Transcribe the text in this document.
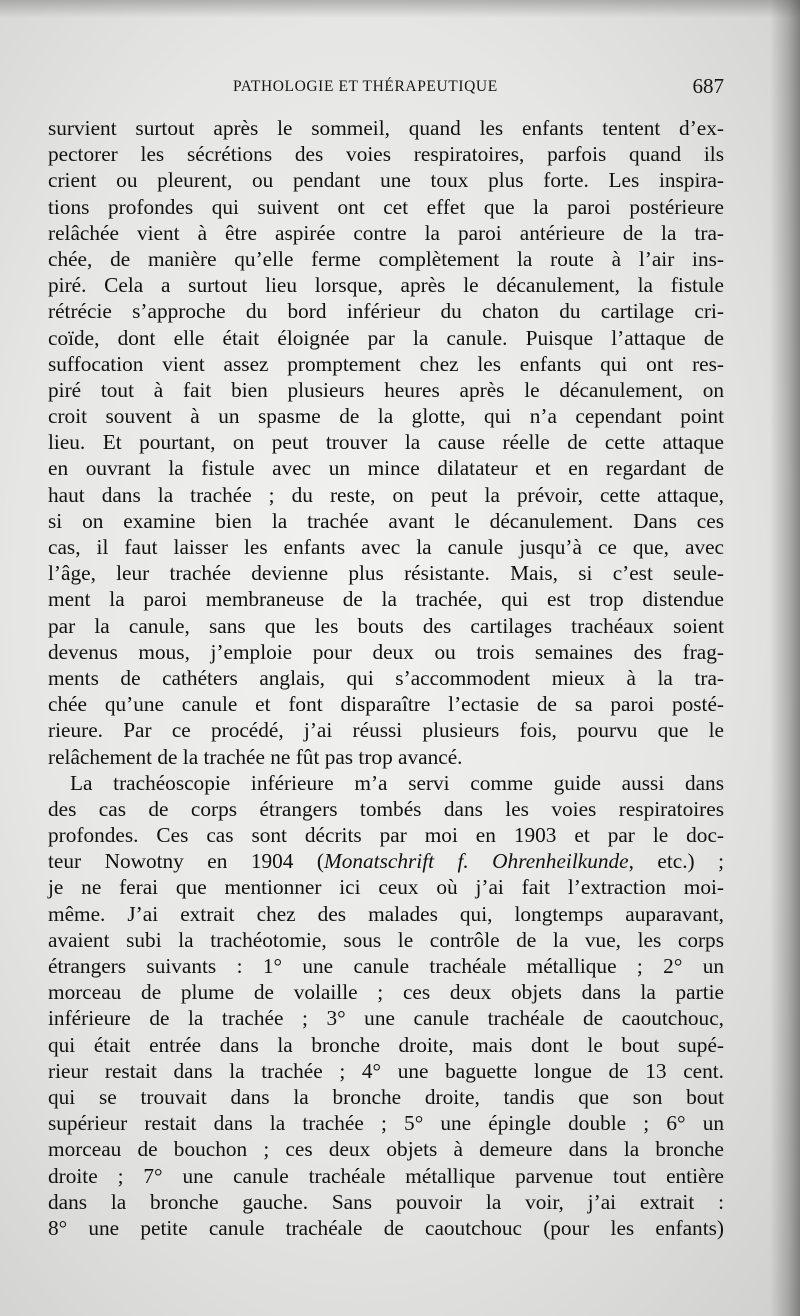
PATHOLOGIE ET THÉRAPEUTIQUE	687
survient surtout après le sommeil, quand les enfants tentent d’ex-
pectorer les sécrétions des voies respiratoires, parfois quand ils
crient ou pleurent, ou pendant une toux plus forte. Les inspira-
tions profondes qui suivent ont cet effet que la paroi postérieure
relâchée vient à être aspirée contre la paroi antérieure de la tra-
chée, de manière qu’elle ferme complètement la route à l’air ins-
piré. Cela a surtout lieu lorsque, après le décanulement, la fistule
rétrécie s’approche du bord inférieur du chaton du cartilage cri-
coïde, dont elle était éloignée par la canule. Puisque l’attaque de
suffocation vient assez promptement chez les enfants qui ont res-
piré tout à fait bien plusieurs heures après le décanulement, on
croit souvent à un spasme de la glotte, qui n’a cependant point
lieu. Et pourtant, on peut trouver la cause réelle de cette attaque
en ouvrant la fistule avec un mince dilatateur et en regardant de
haut dans la trachée ; du reste, on peut la prévoir, cette attaque,
si on examine bien la trachée avant le décanulement. Dans ces
cas, il faut laisser les enfants avec la canule jusqu’à ce que, avec
l’âge, leur trachée devienne plus résistante. Mais, si c’est seule-
ment la paroi membraneuse de la trachée, qui est trop distendue
par la canule, sans que les bouts des cartilages trachéaux soient
devenus mous, j’emploie pour deux ou trois semaines des frag-
ments de cathéters anglais, qui s’accommodent mieux à la tra-
chée qu’une canule et font disparaître l’ectasie de sa paroi posté-
rieure. Par ce procédé, j’ai réussi plusieurs fois, pourvu que le
relâchement de la trachée ne fût pas trop avancé.
La trachéoscopie inférieure m’a servi comme guide aussi dans
des cas de corps étrangers tombés dans les voies respiratoires
profondes. Ces cas sont décrits par moi en 1903 et par le doc-
teur Nowotny en 1904 (Monatschrift f. Ohrenheilkunde, etc.) ;
je ne ferai que mentionner ici ceux où j’ai fait l’extraction moi-
même. J’ai extrait chez des malades qui, longtemps auparavant,
avaient subi la trachéotomie, sous le contrôle de la vue, les corps
étrangers suivants : 1° une canule trachéale métallique ; 2° un
morceau de plume de volaille ; ces deux objets dans la partie
inférieure de la trachée ; 3° une canule trachéale de caoutchouc,
qui était entrée dans la bronche droite, mais dont le bout supé-
rieur restait dans la trachée ; 4° une baguette longue de 13 cent.
qui se trouvait dans la bronche droite, tandis que son bout
supérieur restait dans la trachée ; 5° une épingle double ; 6° un
morceau de bouchon ; ces deux objets à demeure dans la bronche
droite ; 7° une canule trachéale métallique parvenue tout entière
dans la bronche gauche. Sans pouvoir la voir, j’ai extrait :
8° une petite canule trachéale de caoutchouc (pour les enfants)
